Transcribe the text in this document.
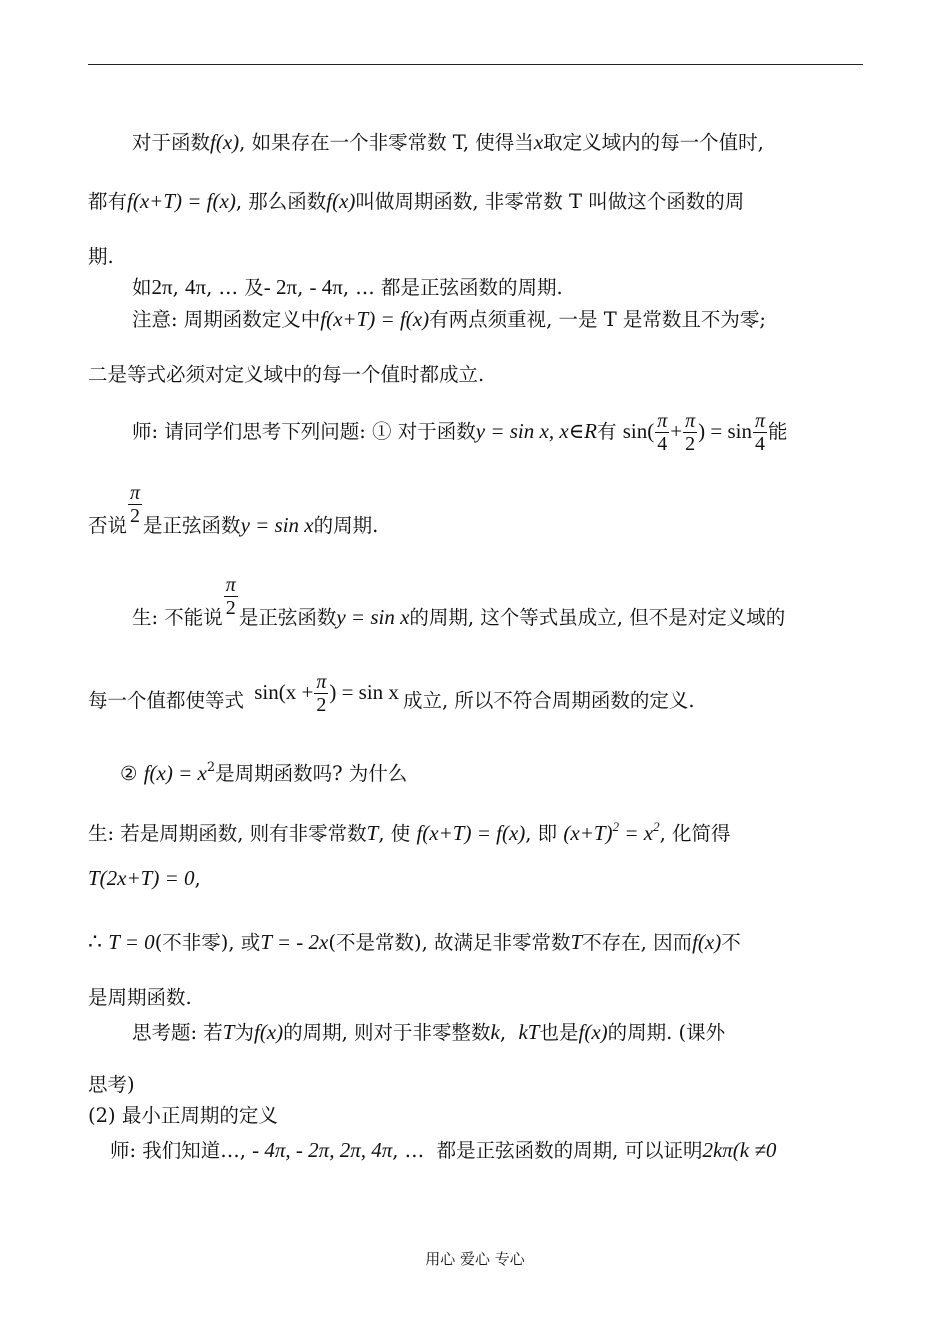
对于函数f(x), 如果存在一个非零常数 T, 使得当x取定义域内的每一个值时,
都有f(x+T) = f(x), 那么函数f(x)叫做周期函数, 非零常数 T 叫做这个函数的周
期.
如2π, 4π, … 及- 2π, - 4π, … 都是正弦函数的周期.
注意: 周期函数定义中f(x+T) = f(x)有两点须重视, 一是 T 是常数且不为零;
二是等式必须对定义域中的每一个值时都成立.
师: 请同学们思考下列问题: ① 对于函数y = sin x, x∈R有 $\sin( \frac{\pi}{4} + \frac{\pi}{2}$ ) = $\sin \frac{\pi}{4}$ 能
否说 $\frac{\pi}{2}$ 是正弦函数y = sin x的周期.
生: 不能说 $\frac{\pi}{2}$ 是正弦函数y = sin x的周期, 这个等式虽成立, 但不是对定义域的
每一个值都使等式 $\sin(x + \frac{\pi}{2}$ ) = sin x 成立, 所以不符合周期函数的定义.
② $f(x) = x^2$是周期函数吗? 为什么
生: 若是周期函数, 则有非零常数T, 使 f(x+T) = f(x), 即 $(x+T)^2 = x^2$, 化简得
T(2x+T) = 0,
∴ T = 0(不非零), 或T = - 2x(不是常数), 故满足非零常数T不存在, 因而f(x)不
是周期函数.
思考题: 若T为f(x)的周期, 则对于非零整数k, kT也是f(x)的周期. (课外
思考)
(2) 最小正周期的定义
师: 我们知道…, - 4π, - 2π, 2π, 4π, … 都是正弦函数的周期, 可以证明2kπ(k ≠0
用心 爱心 专心
